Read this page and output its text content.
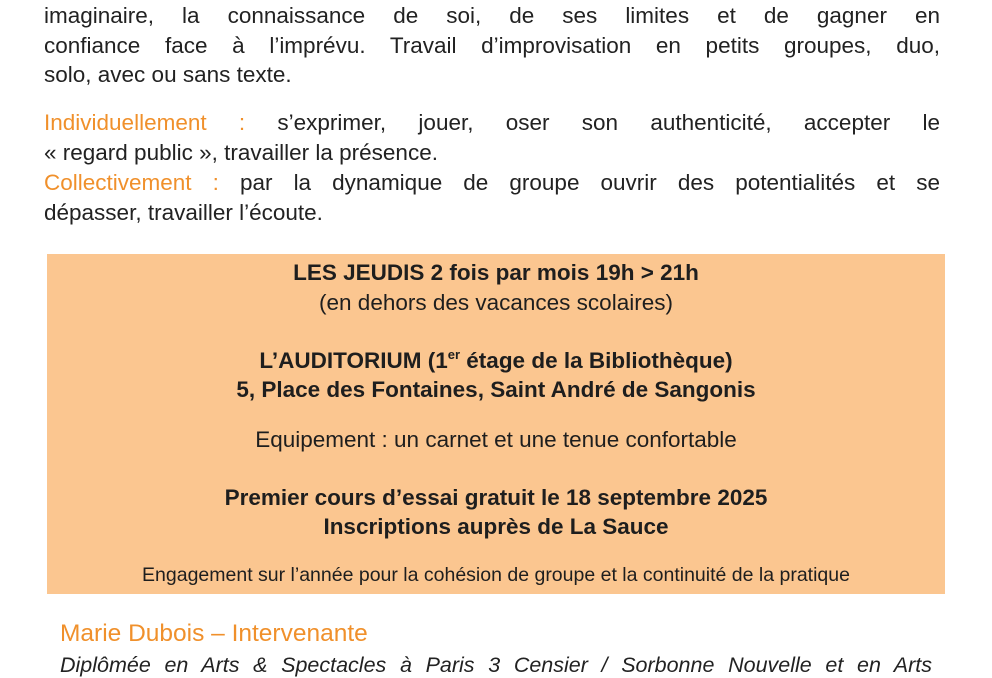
imaginaire, la connaissance de soi, de ses limites et de gagner en
confiance face à l’imprévu. Travail d’improvisation en petits groupes, duo,
solo, avec ou sans texte.
Individuellement : s’exprimer, jouer, oser son authenticité, accepter le
« regard public », travailler la présence.
Collectivement : par la dynamique de groupe ouvrir des potentialités et se
dépasser, travailler l’écoute.
LES JEUDIS 2 fois par mois 19h > 21h
(en dehors des vacances scolaires)
L’AUDITORIUM (1er étage de la Bibliothèque)
5, Place des Fontaines, Saint André de Sangonis
Equipement : un carnet et une tenue confortable
Premier cours d’essai gratuit le 18 septembre 2025
Inscriptions auprès de La Sauce
Engagement sur l’année pour la cohésion de groupe et la continuité de la pratique
Marie Dubois – Intervenante
Diplômée en Arts & Spectacles à Paris 3 Censier / Sorbonne Nouvelle et en Arts
